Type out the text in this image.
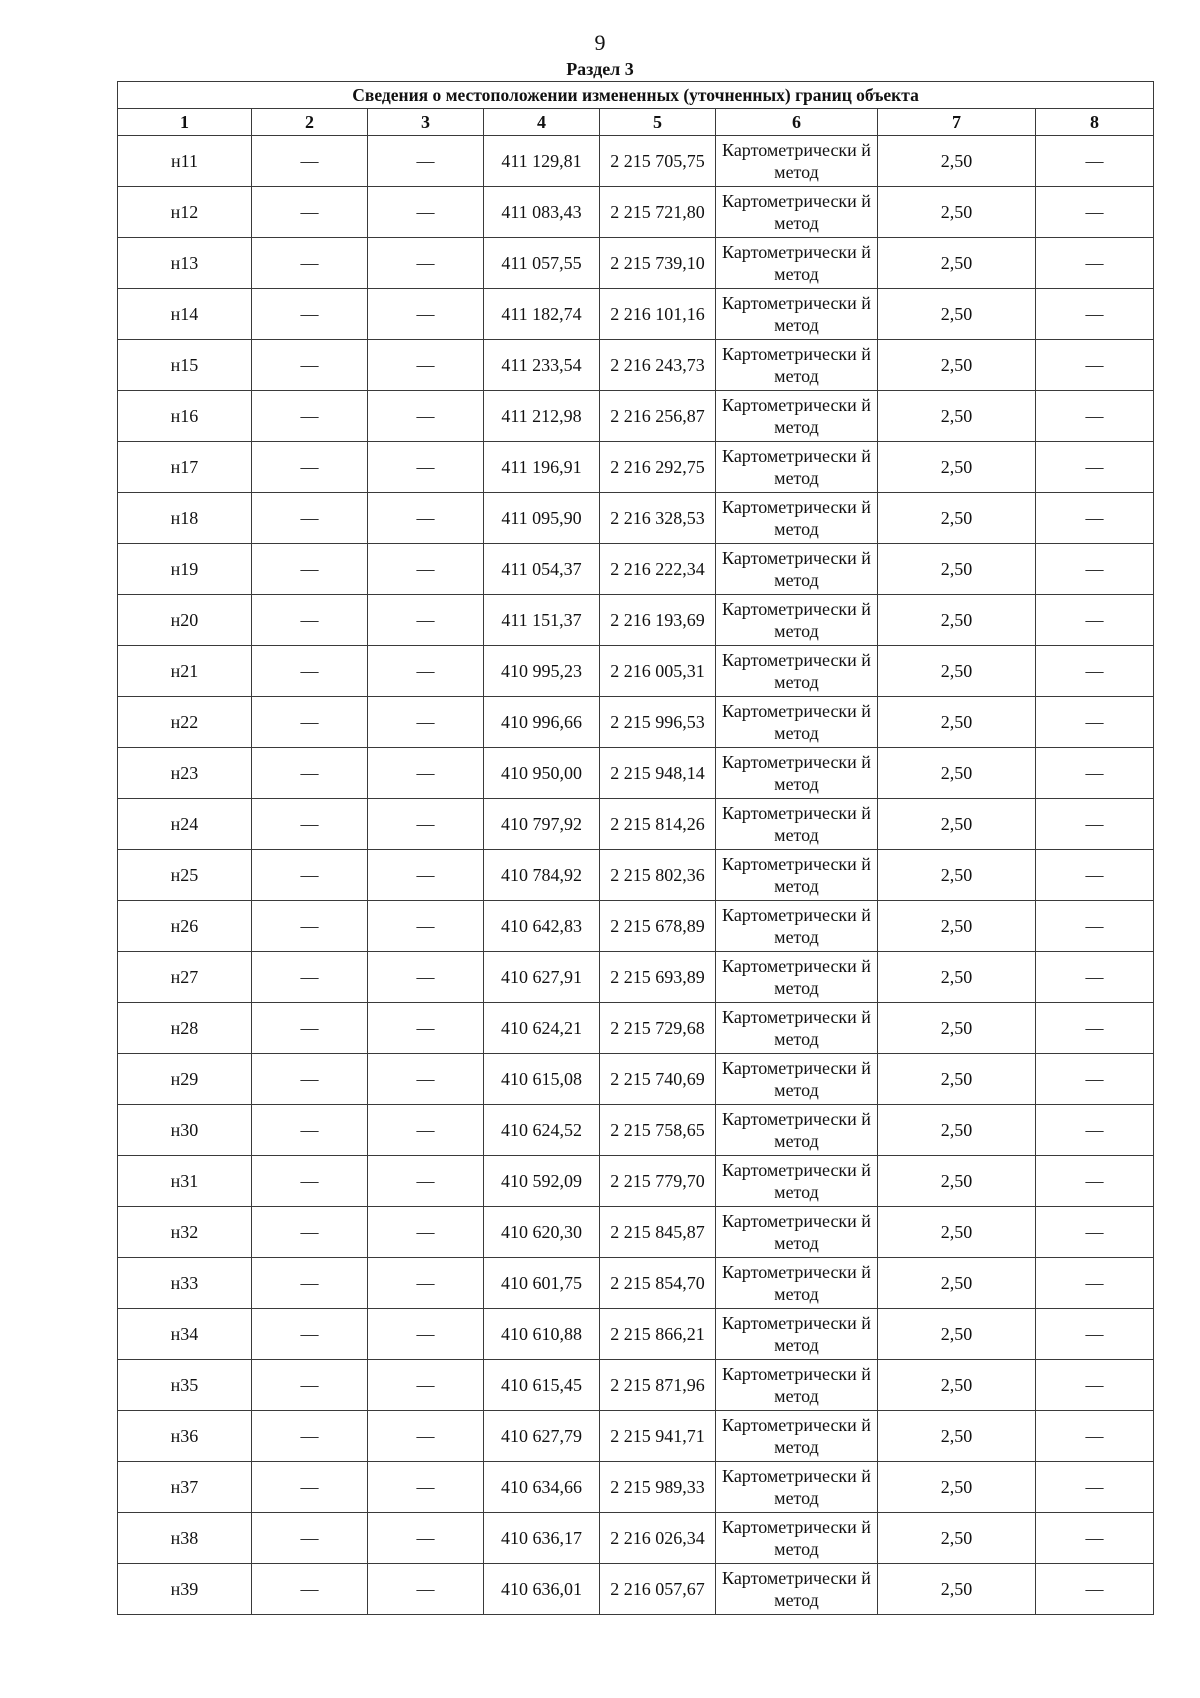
9
Раздел 3
Сведения о местоположении измененных (уточненных) границ объекта							
1	2	3	4	5	6	7	8
н11	—	—	411 129,81	2 215 705,75	Картометрически й метод	2,50	—
н12	—	—	411 083,43	2 215 721,80	Картометрически й метод	2,50	—
н13	—	—	411 057,55	2 215 739,10	Картометрически й метод	2,50	—
н14	—	—	411 182,74	2 216 101,16	Картометрически й метод	2,50	—
н15	—	—	411 233,54	2 216 243,73	Картометрически й метод	2,50	—
н16	—	—	411 212,98	2 216 256,87	Картометрически й метод	2,50	—
н17	—	—	411 196,91	2 216 292,75	Картометрически й метод	2,50	—
н18	—	—	411 095,90	2 216 328,53	Картометрически й метод	2,50	—
н19	—	—	411 054,37	2 216 222,34	Картометрически й метод	2,50	—
н20	—	—	411 151,37	2 216 193,69	Картометрически й метод	2,50	—
н21	—	—	410 995,23	2 216 005,31	Картометрически й метод	2,50	—
н22	—	—	410 996,66	2 215 996,53	Картометрически й метод	2,50	—
н23	—	—	410 950,00	2 215 948,14	Картометрически й метод	2,50	—
н24	—	—	410 797,92	2 215 814,26	Картометрически й метод	2,50	—
н25	—	—	410 784,92	2 215 802,36	Картометрически й метод	2,50	—
н26	—	—	410 642,83	2 215 678,89	Картометрически й метод	2,50	—
н27	—	—	410 627,91	2 215 693,89	Картометрически й метод	2,50	—
н28	—	—	410 624,21	2 215 729,68	Картометрически й метод	2,50	—
н29	—	—	410 615,08	2 215 740,69	Картометрически й метод	2,50	—
н30	—	—	410 624,52	2 215 758,65	Картометрически й метод	2,50	—
н31	—	—	410 592,09	2 215 779,70	Картометрически й метод	2,50	—
н32	—	—	410 620,30	2 215 845,87	Картометрически й метод	2,50	—
н33	—	—	410 601,75	2 215 854,70	Картометрически й метод	2,50	—
н34	—	—	410 610,88	2 215 866,21	Картометрически й метод	2,50	—
н35	—	—	410 615,45	2 215 871,96	Картометрически й метод	2,50	—
н36	—	—	410 627,79	2 215 941,71	Картометрически й метод	2,50	—
н37	—	—	410 634,66	2 215 989,33	Картометрически й метод	2,50	—
н38	—	—	410 636,17	2 216 026,34	Картометрически й метод	2,50	—
н39	—	—	410 636,01	2 216 057,67	Картометрически й метод	2,50	—
